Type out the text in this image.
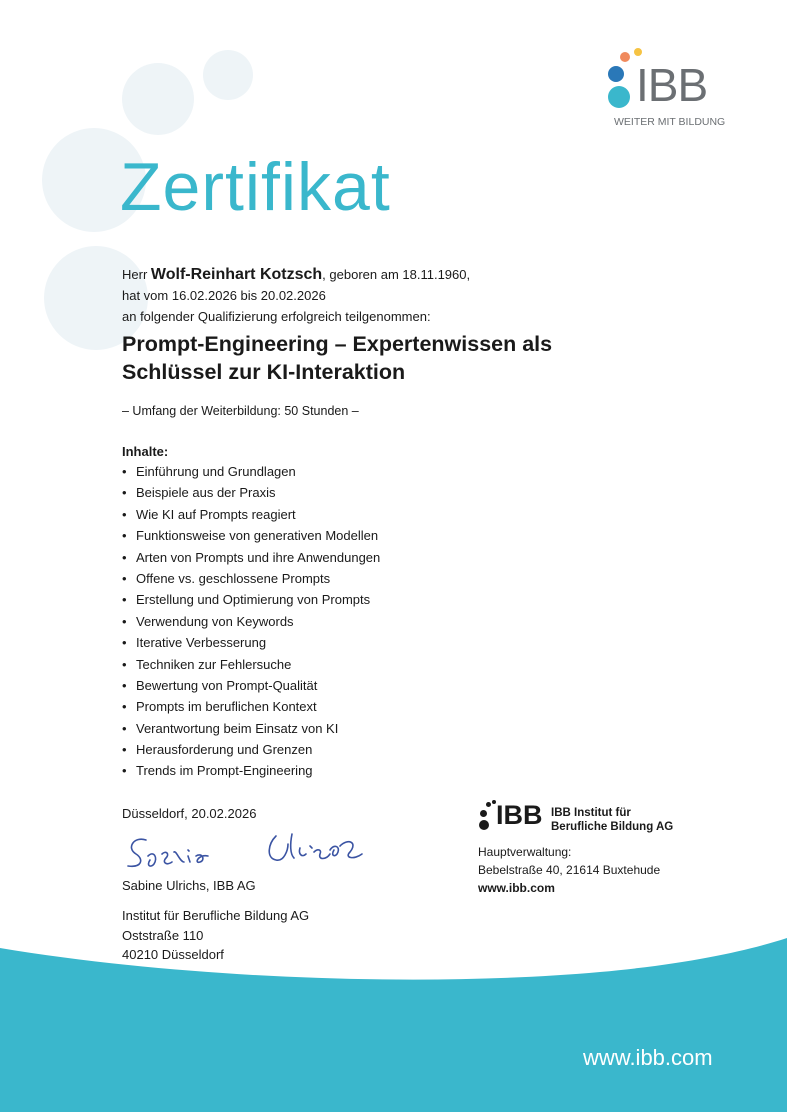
IBB
WEITER MIT BILDUNG
Zertifikat
Herr Wolf-Reinhart Kotzsch, geboren am 18.11.1960,
hat vom 16.02.2026 bis 20.02.2026
an folgender Qualifizierung erfolgreich teilgenommen:
Prompt-Engineering – Expertenwissen als
Schlüssel zur KI-Interaktion
– Umfang der Weiterbildung: 50 Stunden –
Inhalte:
• Einführung und Grundlagen
• Beispiele aus der Praxis
• Wie KI auf Prompts reagiert
• Funktionsweise von generativen Modellen
• Arten von Prompts und ihre Anwendungen
• Offene vs. geschlossene Prompts
• Erstellung und Optimierung von Prompts
• Verwendung von Keywords
• Iterative Verbesserung
• Techniken zur Fehlersuche
• Bewertung von Prompt-Qualität
• Prompts im beruflichen Kontext
• Verantwortung beim Einsatz von KI
• Herausforderung und Grenzen
• Trends im Prompt-Engineering
Düsseldorf, 20.02.2026
Sabine Ulrichs, IBB AG
Institut für Berufliche Bildung AG
Oststraße 110
40210 Düsseldorf
IBB IBB Institut für
Berufliche Bildung AG
Hauptverwaltung:
Bebelstraße 40, 21614 Buxtehude
www.ibb.com
www.ibb.com
